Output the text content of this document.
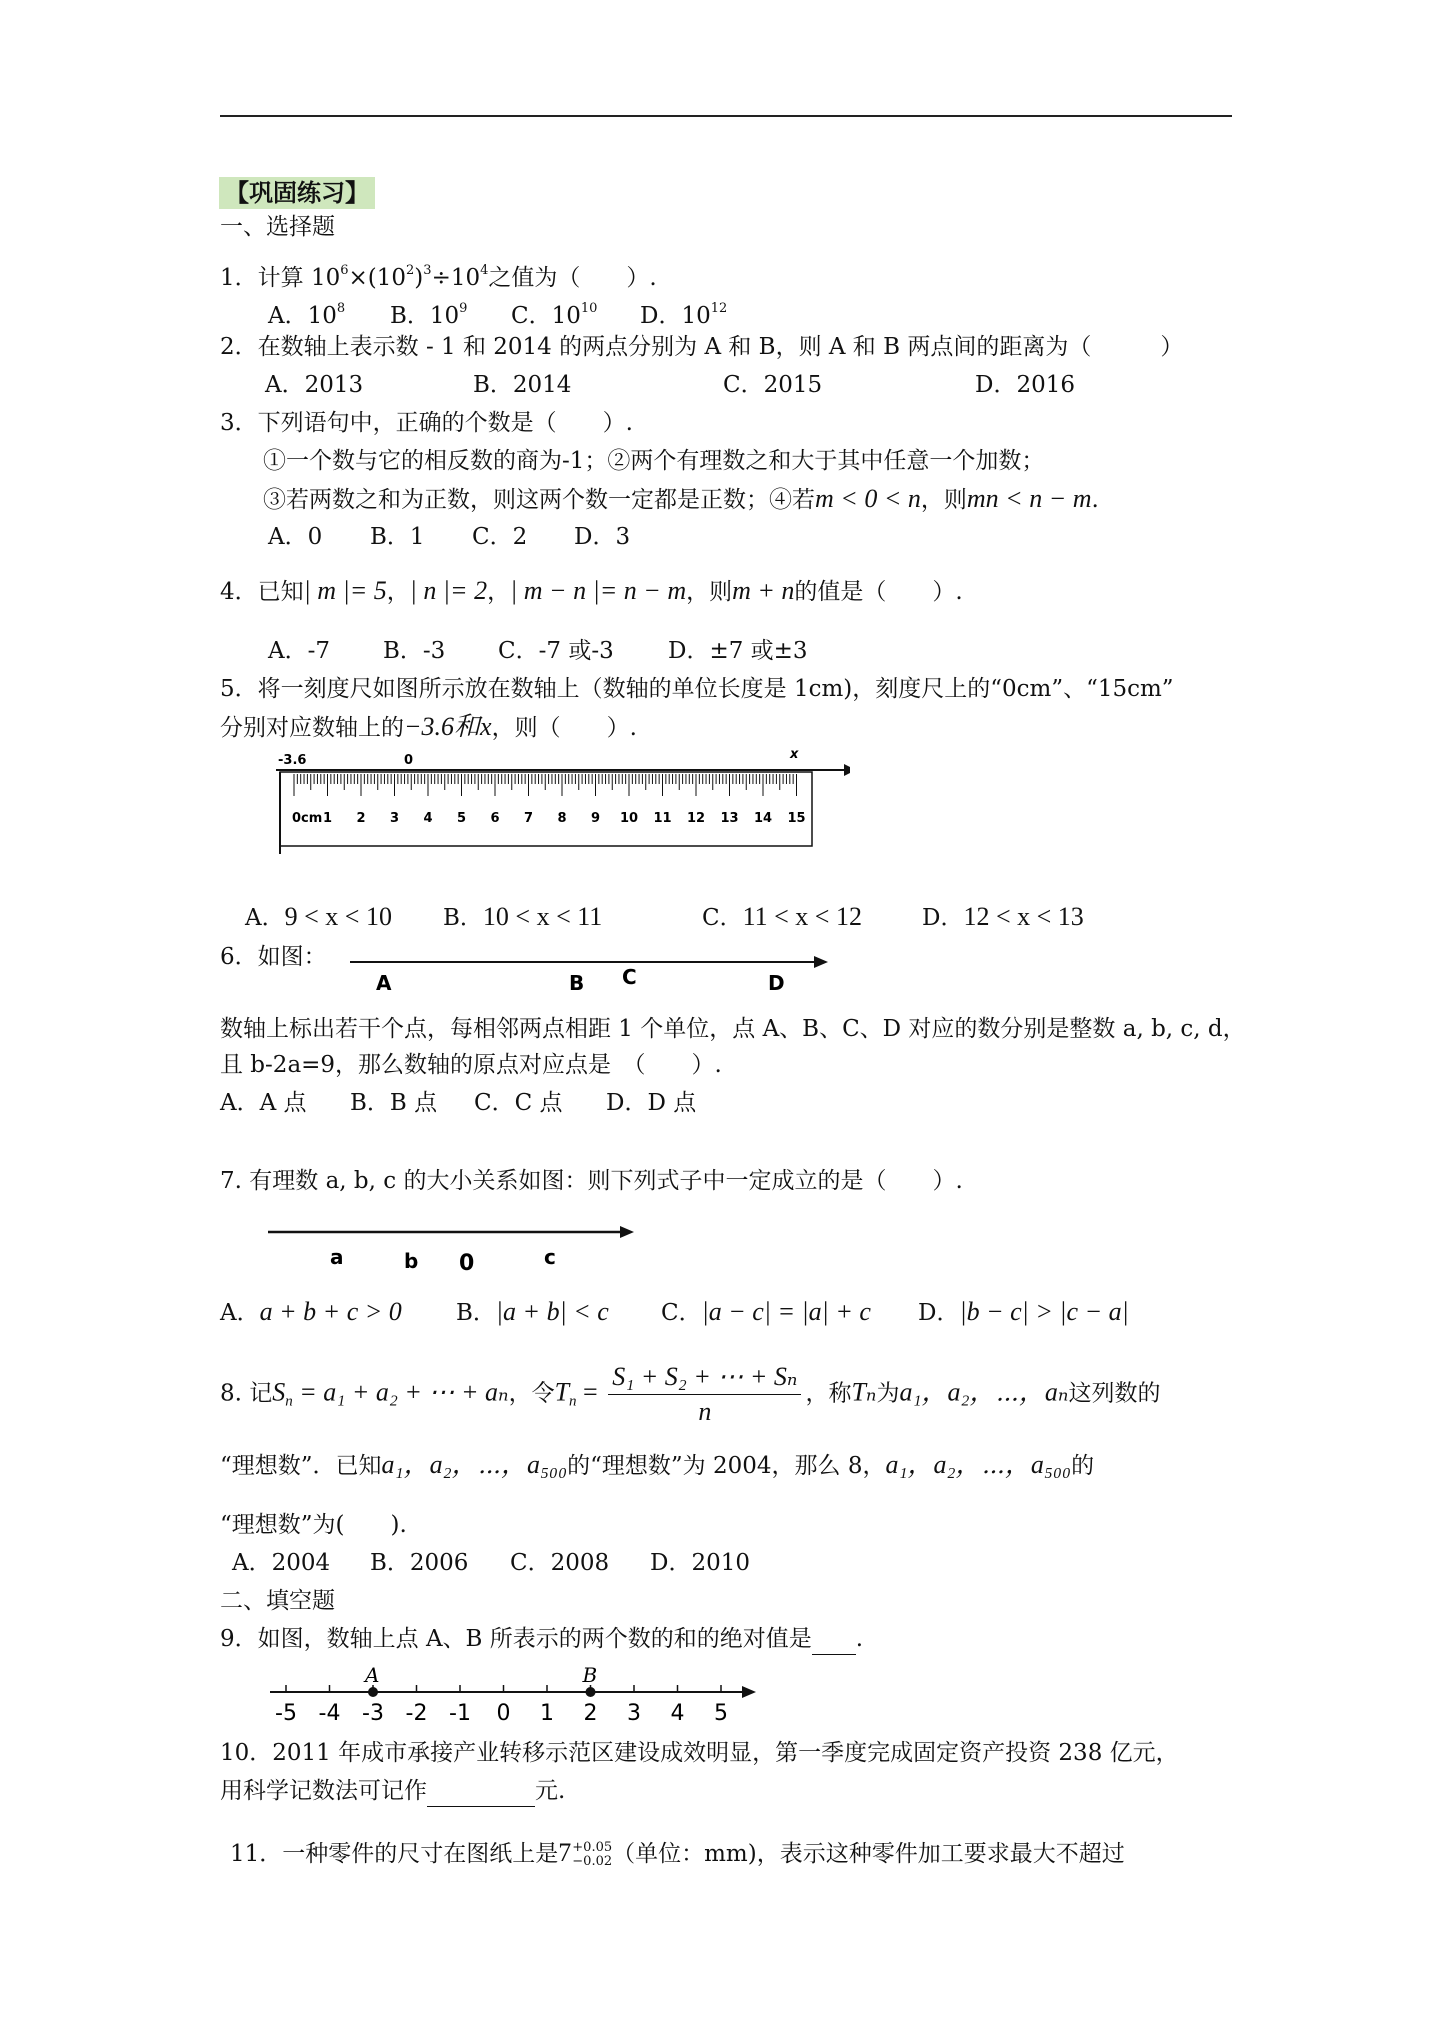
【巩固练习】
一、选择题
1．计算 $10^6\times(10^2)^3\div 10^4$之值为（　　）.
A．$10^8$ B．$10^9$ C．$10^{10}$ D．$10^{12}$
2．在数轴上表示数 - 1 和 2014 的两点分别为 A 和 B，则 A 和 B 两点间的距离为（　　　）
A．2013	B．2014	C．2015	D．2016
3．下列语句中，正确的个数是（　　）.
①一个数与它的相反数的商为-1；②两个有理数之和大于其中任意一个加数；
③若两数之和为正数，则这两个数一定都是正数；④若m < 0 < n，则mn < n − m.
A．0 B．1 C．2 D．3
4．已知| m |= 5，| n |= 2，| m − n |= n − m，则m + n的值是（　　）.
A．-7 B．-3 C．-7 或-3 D．±7 或±3
5．将一刻度尺如图所示放在数轴上（数轴的单位长度是 1cm)，刻度尺上的“0cm”、“15cm”
分别对应数轴上的−3.6和x，则（　　）.
-3.6	0	x
0cm 1 2 3 4 5 6 7 8 9 10 11 12 13 14 15
A．9 < x < 10 B．10 < x < 11	C．11 < x < 12	D．12 < x < 13
6．如图：
A	B C	D
数轴上标出若干个点，每相邻两点相距 1 个单位，点 A、B、C、D 对应的数分别是整数 a, b, c, d，
且 b-2a=9，那么数轴的原点对应点是　（　　）.
A．A 点 B．B 点 C．C 点 D．D 点
7. 有理数 a, b, c 的大小关系如图：则下列式子中一定成立的是（　　）.
a	b 0	c
A．a + b + c > 0 B．|a + b| < c C．|a − c| = |a| + c D．|b − c| > |c − a|
8. 记$S_n = a_1 + a_2$ + ⋯ + aₙ，令$T_n = \frac{\text{S₁ + S₂ + ⋯ + Sₙ}}{n}$ ，称Tₙ为a₁，a₂，⋯，aₙ这列数的
“理想数”．已知a₁，a₂，⋯，a₅₀₀的“理想数”为 2004，那么 8，a₁，a₂，⋯，a₅₀₀的
“理想数”为(　　).
A．2004 B．2006 C．2008 D．2010
二、填空题
9．如图，数轴上点 A、B 所表示的两个数的和的绝对值是 .
-5 -4 -3 -2 -1 0 1 2 3 4 5
A	B
10．2011 年成市承接产业转移示范区建设成效明显，第一季度完成固定资产投资 238 亿元，
用科学记数法可记作	元.
11．一种零件的尺寸在图纸上是7 +0.05
−0.02 （单位：mm)，表示这种零件加工要求最大不超过
